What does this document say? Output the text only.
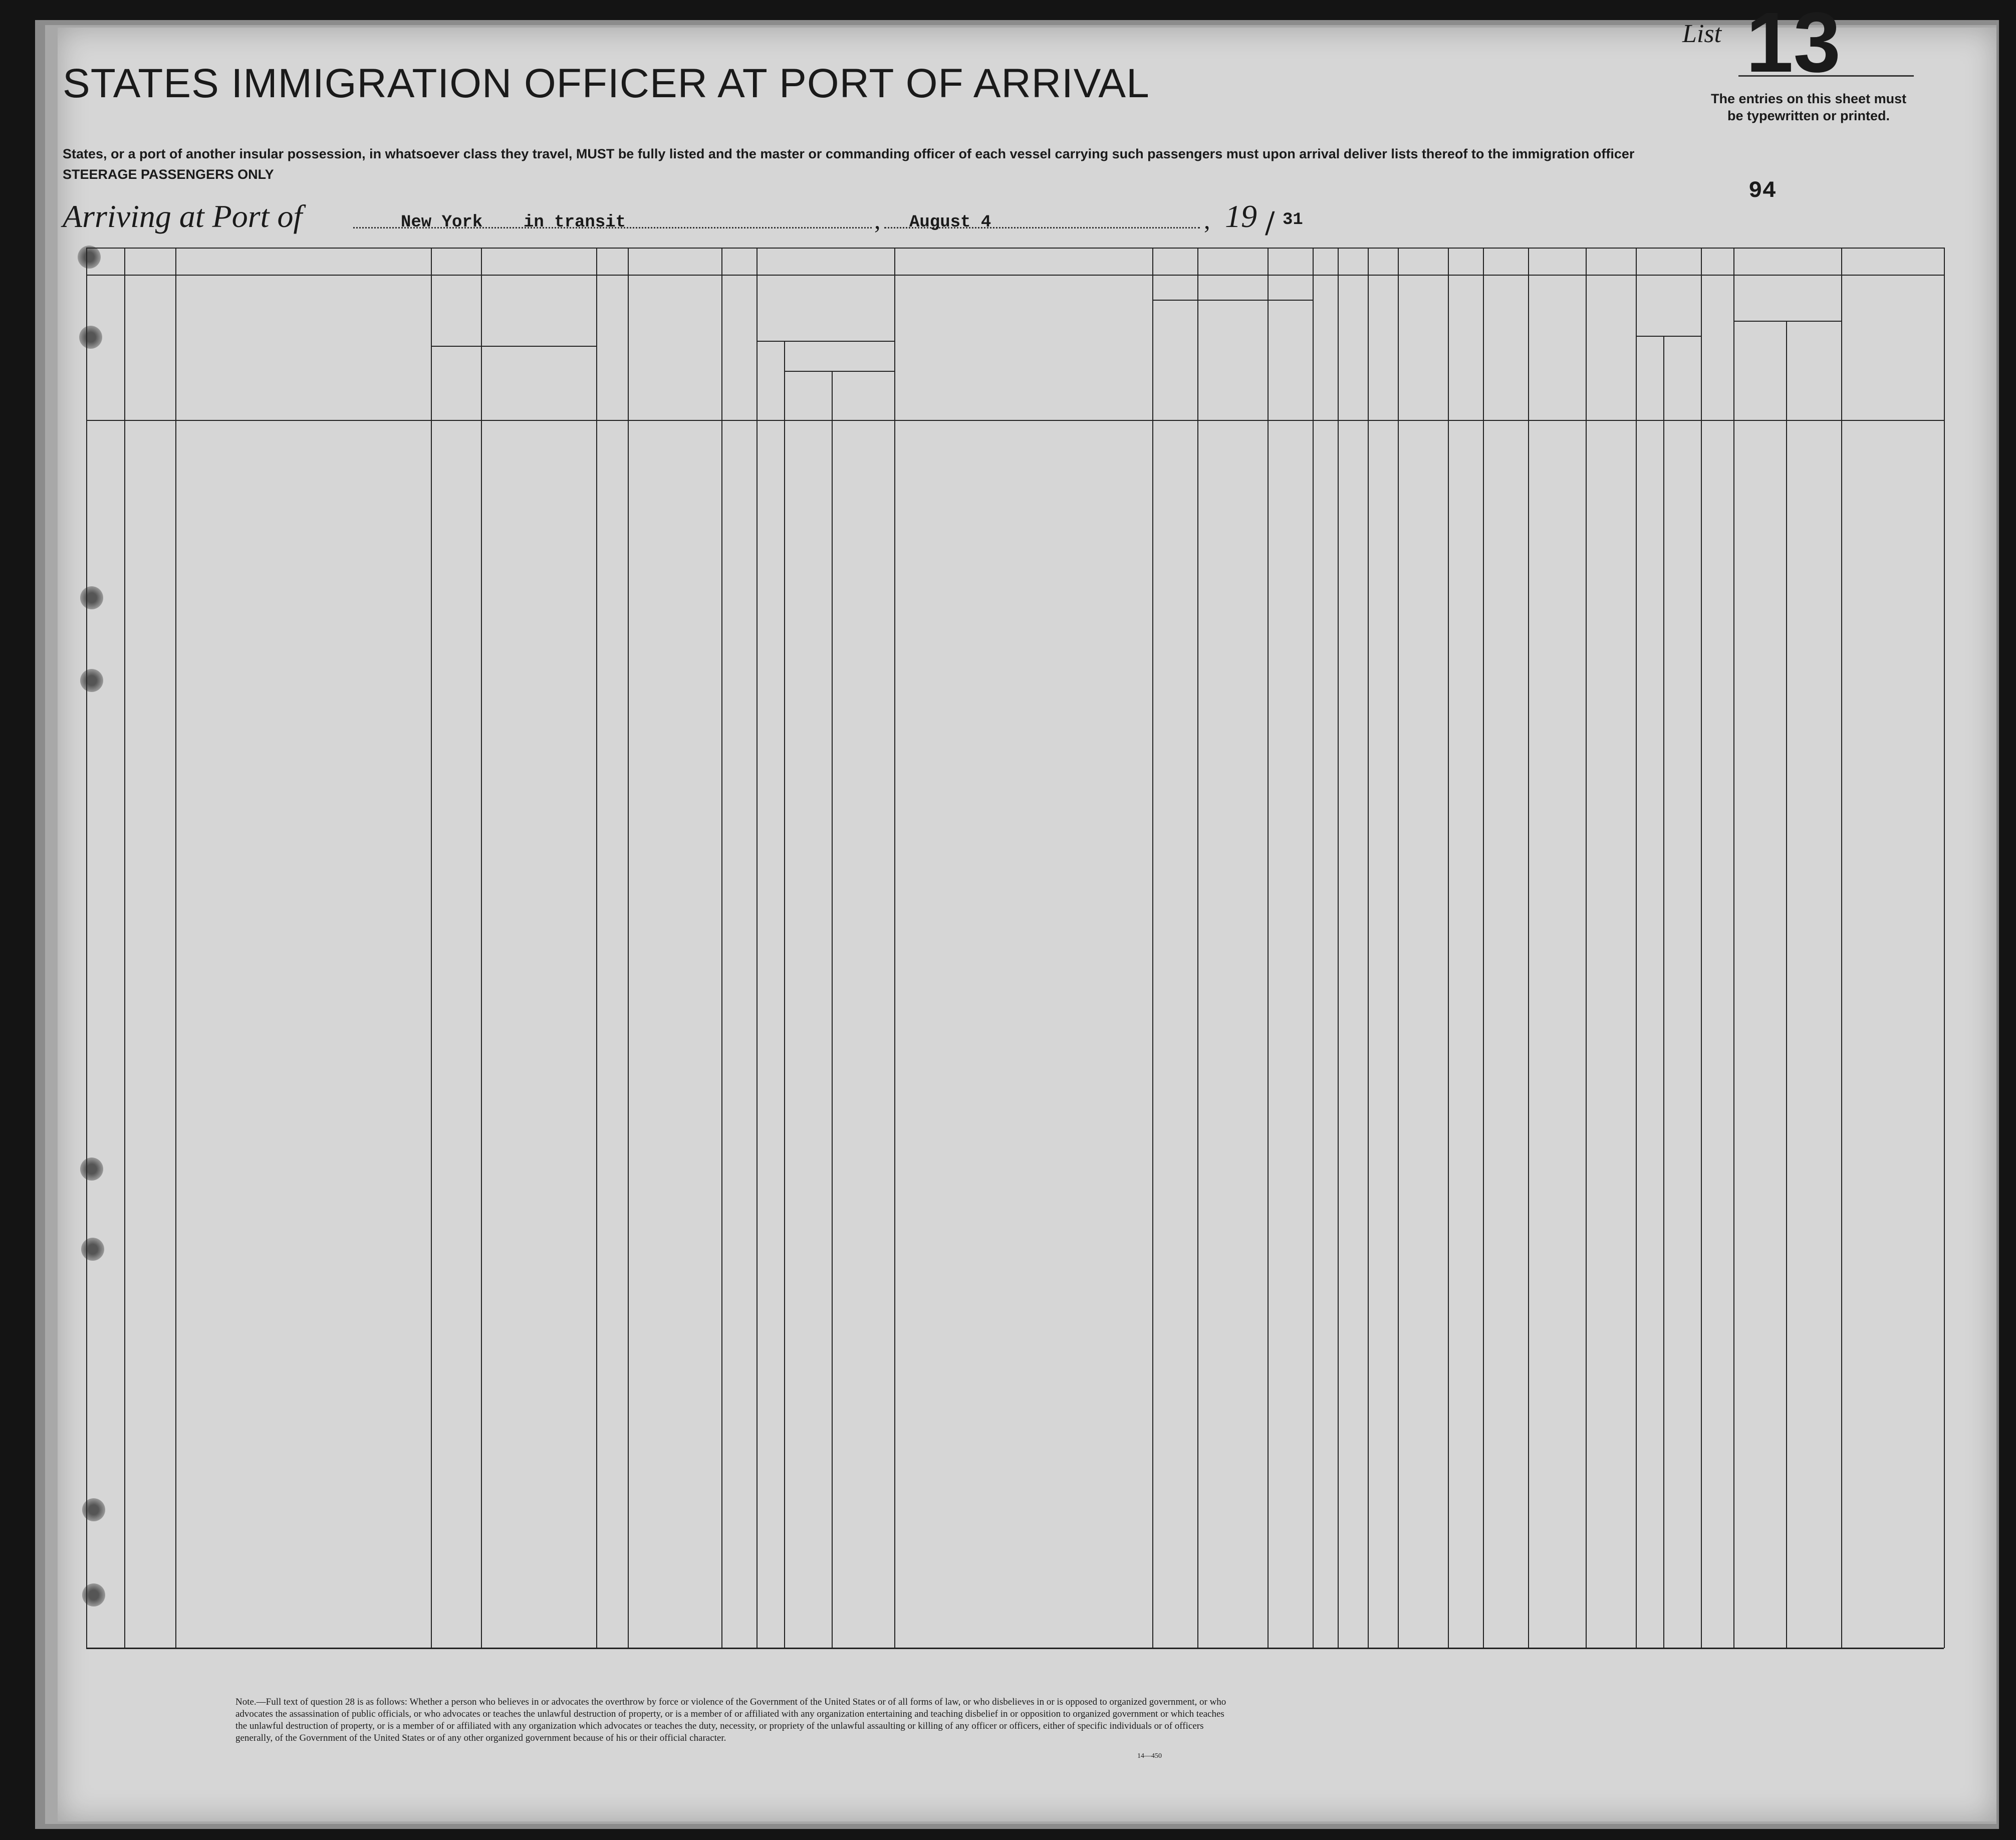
STATES IMMIGRATION OFFICER AT PORT OF ARRIVAL
States, or a port of another insular possession, in whatsoever class they travel, MUST be fully listed and the master or commanding officer of each vessel carrying such passengers must upon arrival deliver lists thereof to the immigration officer
STEERAGE PASSENGERS ONLY
Arriving at Port of	New York in transit	, August 4	, 19 / 31
List 13
The entries on this sheet must
be typewritten or printed.
94
Note.—Full text of question 28 is as follows: Whether a person who believes in or advocates the overthrow by force or violence of the Government of the United States or of all forms of law, or who disbelieves in or is opposed to organized government, or who advocates the assassination of public officials, or who advocates or teaches the unlawful destruction of property, or is a member of or affiliated with any organization entertaining and teaching disbelief in or opposition to organized government or which teaches the unlawful destruction of property, or is a member of or affiliated with any organization which advocates or teaches the duty, necessity, or propriety of the unlawful assaulting or killing of any officer or officers, either of specific individuals or of officers generally, of the Government of the United States or of any other organized government because of his or their official character.
14—450
